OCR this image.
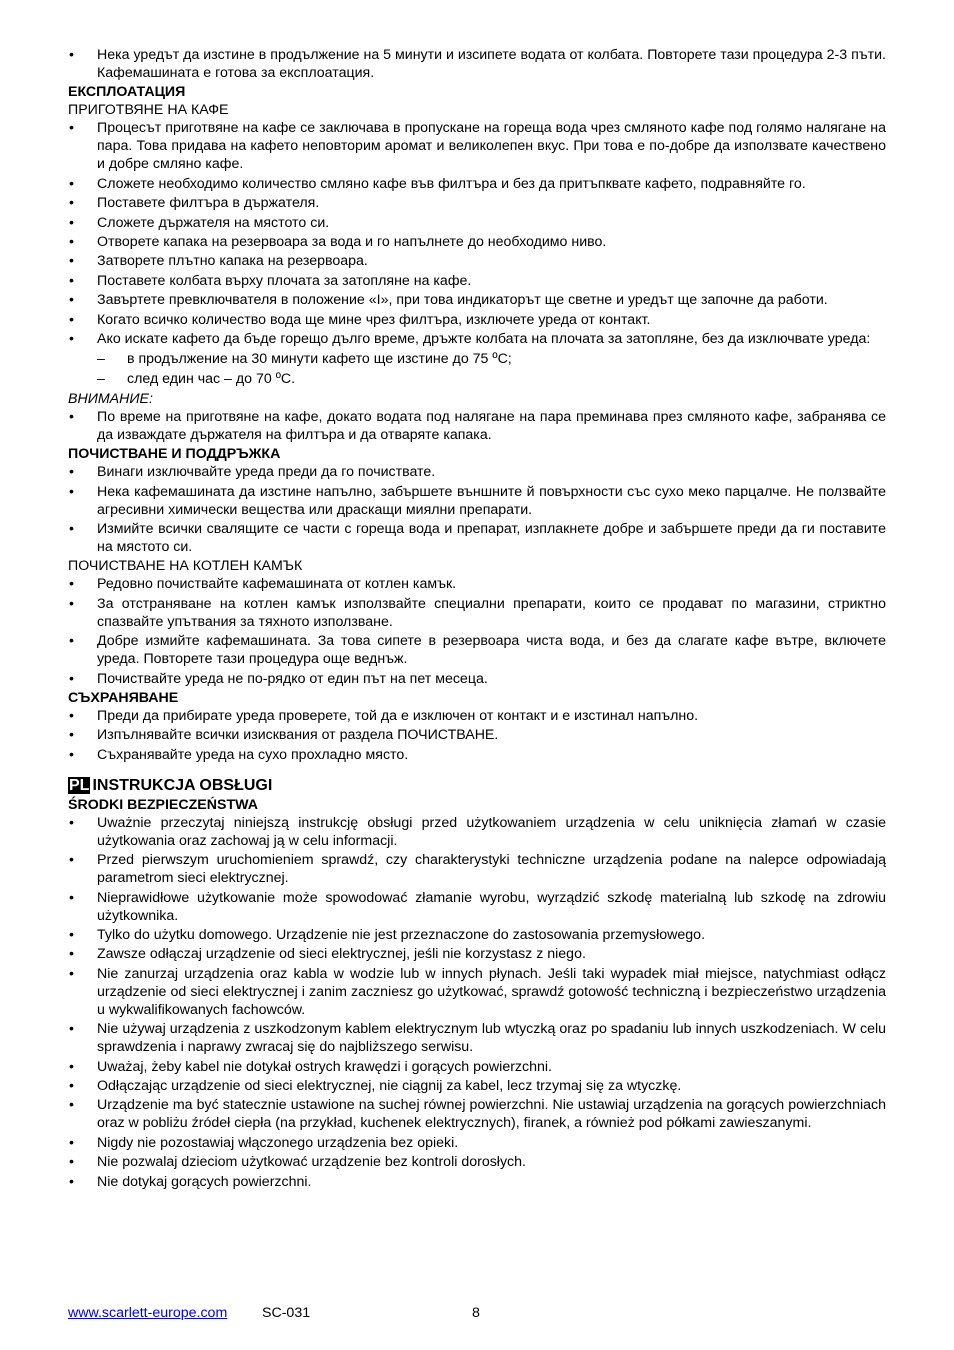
• Нека уредът да изстине в продължение на 5 минути и изсипете водата от колбата. Повторете тази процедура 2-3 пъти. Кафемашината е готова за експлоатация.
ЕКСПЛОАТАЦИЯ
ПРИГОТВЯНЕ НА КАФЕ
• Процесът приготвяне на кафе се заключава в пропускане на гореща вода чрез смляното кафе под голямо налягане на пара. Това придава на кафето неповторим аромат и великолепен вкус. При това е по-добре да използвате качествено и добре смляно кафе.
• Сложете необходимо количество смляно кафе във филтъра и без да притъпквате кафето, подравняйте го.
• Поставете филтъра в държателя.
• Сложете държателя на мястото си.
• Отворете капака на резервоара за вода и го напълнете до необходимо ниво.
• Затворете плътно капака на резервоара.
• Поставете колбата върху плочата за затопляне на кафе.
• Завъртете превключвателя в положение «I», при това индикаторът ще светне и уредът ще започне да работи.
• Когато всичко количество вода ще мине чрез филтъра, изключете уреда от контакт.
• Ако искате кафето да бъде горещо дълго време, дръжте колбата на плочата за затопляне, без да изключвате уреда:
– в продължение на 30 минути кафето ще изстине до 75 ºС;
– след един час – до 70 ºС.
ВНИМАНИЕ:
• По време на приготвяне на кафе, докато водата под налягане на пара преминава през смляното кафе, забранява се да изваждате държателя на филтъра и да отваряте капака.
ПОЧИСТВАНЕ И ПОДДРЪЖКА
• Винаги изключвайте уреда преди да го почиствате.
• Нека кафемашината да изстине напълно, забършете външните й повърхности със сухо меко парцалче. Не ползвайте агресивни химически вещества или драскащи миялни препарати.
• Измийте всички свалящите се части с гореща вода и препарат, изплакнете добре и забършете преди да ги поставите на мястото си.
ПОЧИСТВАНЕ НА КОТЛЕН КАМЪК
• Редовно почиствайте кафемашината от котлен камък.
• За отстраняване на котлен камък използвайте специални препарати, които се продават по магазини, стриктно спазвайте упътвания за тяхното използване.
• Добре измийте кафемашината. За това сипете в резервоара чиста вода, и без да слагате кафе вътре, включете уреда. Повторете тази процедура още веднъж.
• Почиствайте уреда не по-рядко от един път на пет месеца.
СЪХРАНЯВАНЕ
• Преди да прибирате уреда проверете, той да е изключен от контакт и е изстинал напълно.
• Изпълнявайте всички изисквания от раздела ПОЧИСТВАНЕ.
• Съхранявайте уреда на сухо прохладно място.
PL INSTRUKCJA OBSŁUGI
ŚRODKI BEZPIECZEŃSTWA
• Uważnie przeczytaj niniejszą instrukcję obsługi przed użytkowaniem urządzenia w celu uniknięcia złamań w czasie użytkowania oraz zachowaj ją w celu informacji.
• Przed pierwszym uruchomieniem sprawdź, czy charakterystyki techniczne urządzenia podane na nalepce odpowiadają parametrom sieci elektrycznej.
• Nieprawidłowe użytkowanie może spowodować złamanie wyrobu, wyrządzić szkodę materialną lub szkodę na zdrowiu użytkownika.
• Tylko do użytku domowego. Urządzenie nie jest przeznaczone do zastosowania przemysłowego.
• Zawsze odłączaj urządzenie od sieci elektrycznej, jeśli nie korzystasz z niego.
• Nie zanurzaj urządzenia oraz kabla w wodzie lub w innych płynach. Jeśli taki wypadek miał miejsce, natychmiast odłącz urządzenie od sieci elektrycznej i zanim zaczniesz go użytkować, sprawdź gotowość techniczną i bezpieczeństwo urządzenia u wykwalifikowanych fachowców.
• Nie używaj urządzenia z uszkodzonym kablem elektrycznym lub wtyczką oraz po spadaniu lub innych uszkodzeniach. W celu sprawdzenia i naprawy zwracaj się do najbliższego serwisu.
• Uważaj, żeby kabel nie dotykał ostrych krawędzi i gorących powierzchni.
• Odłączając urządzenie od sieci elektrycznej, nie ciągnij za kabel, lecz trzymaj się za wtyczkę.
• Urządzenie ma być statecznie ustawione na suchej równej powierzchni. Nie ustawiaj urządzenia na gorących powierzchniach oraz w pobliżu źródeł ciepła (na przykład, kuchenek elektrycznych), firanek, a również pod półkami zawieszanymi.
• Nigdy nie pozostawiaj włączonego urządzenia bez opieki.
• Nie pozwalaj dzieciom użytkować urządzenie bez kontroli dorosłych.
• Nie dotykaj gorących powierzchni.
www.scarlett-europe.com SC-031	8
